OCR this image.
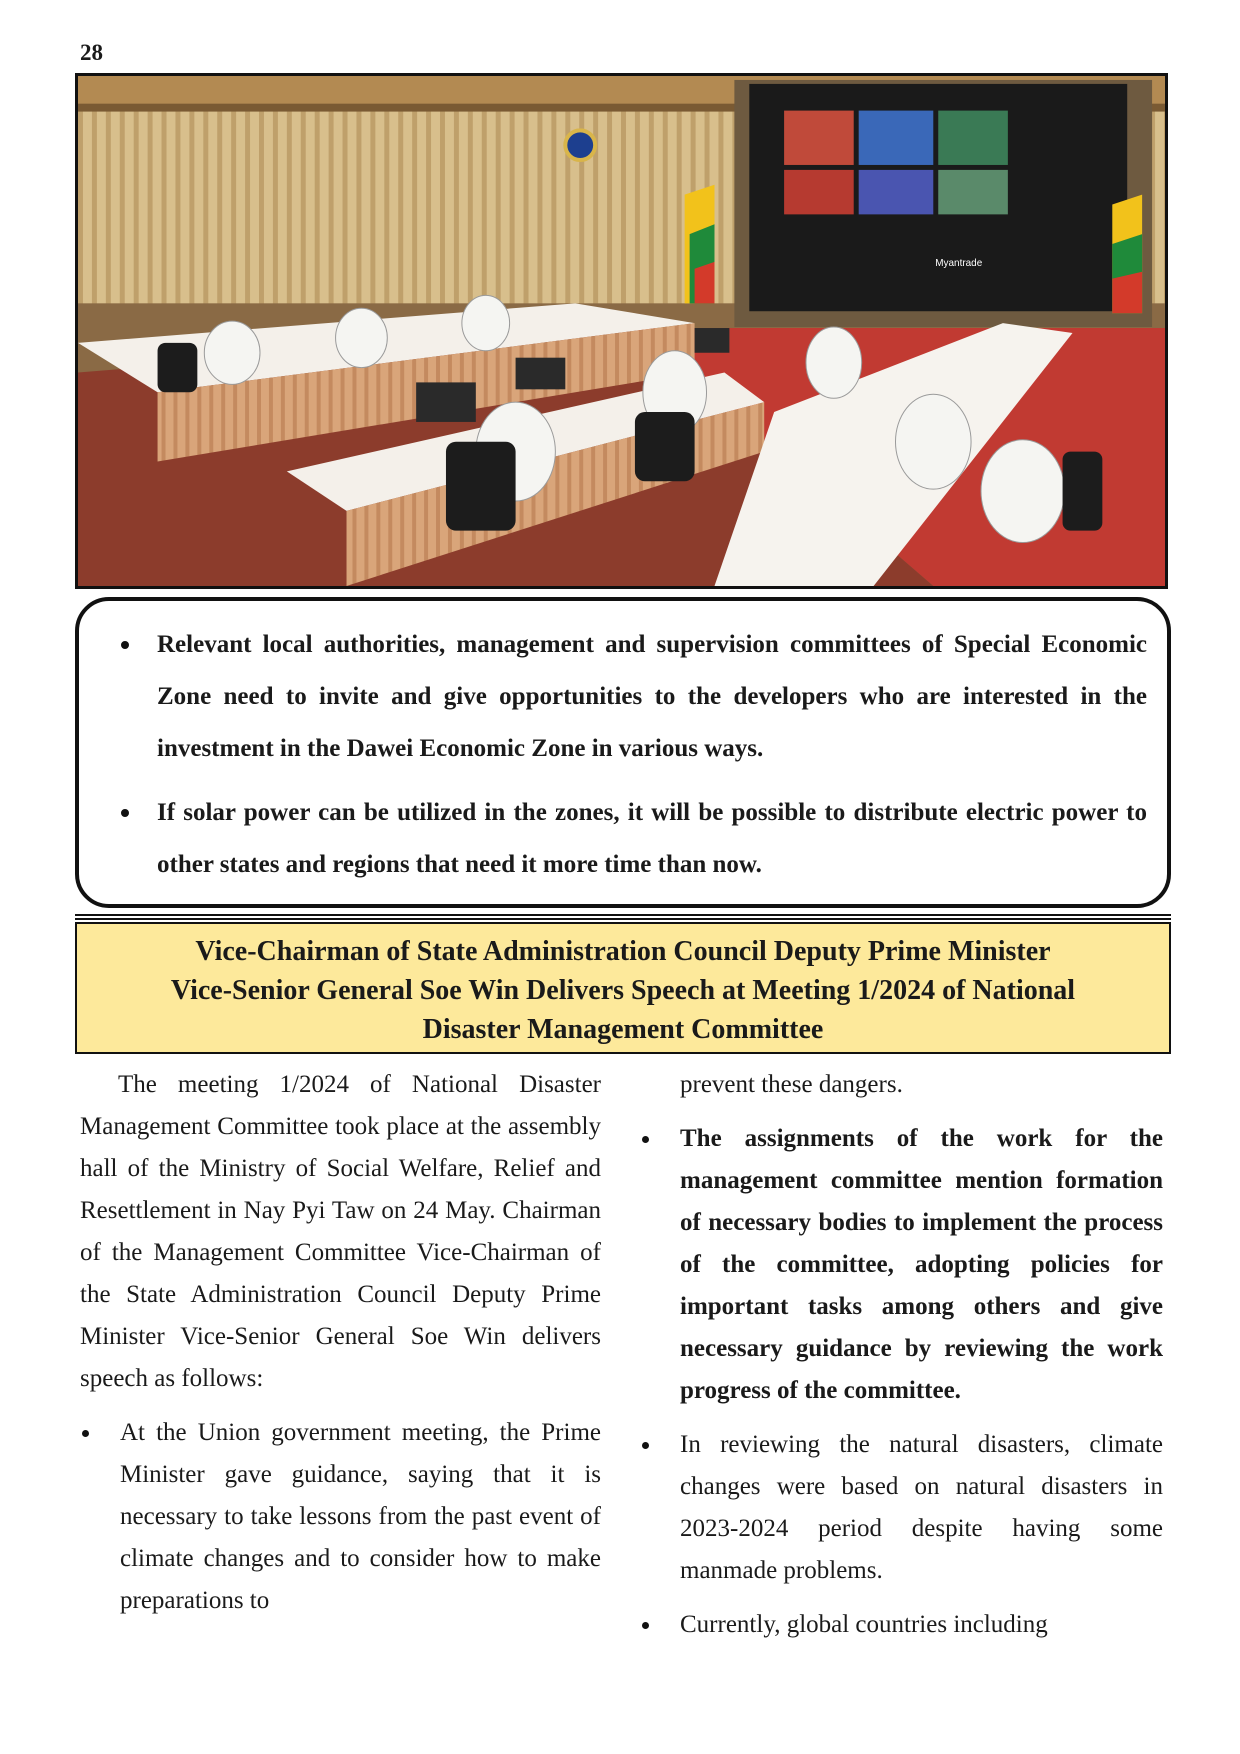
28
Myantrade
Relevant local authorities, management and supervision committees of Special Economic Zone need to invite and give opportunities to the developers who are interested in the investment in the Dawei Economic Zone in various ways.
If solar power can be utilized in the zones, it will be possible to distribute electric power to other states and regions that need it more time than now.
Vice-Chairman of State Administration Council Deputy Prime Minister
Vice-Senior General Soe Win Delivers Speech at Meeting 1/2024 of National
Disaster Management Committee

The meeting 1/2024 of National Disaster Management Committee took place at the assembly hall of the Ministry of Social Welfare, Relief and Resettlement in Nay Pyi Taw on 24 May. Chairman of the Management Committee Vice-Chairman of the State Administration Council Deputy Prime Minister Vice-Senior General Soe Win delivers speech as follows:

At the Union government meeting, the Prime Minister gave guidance, saying that it is necessary to take lessons from the past event of climate changes and to consider how to make preparations to

prevent these dangers.

The assignments of the work for the management committee mention formation of necessary bodies to implement the process of the committee, adopting policies for important tasks among others and give necessary guidance by reviewing the work progress of the committee.
In reviewing the natural disasters, climate changes were based on natural disasters in 2023-2024 period despite having some manmade problems.
Currently, global countries including
